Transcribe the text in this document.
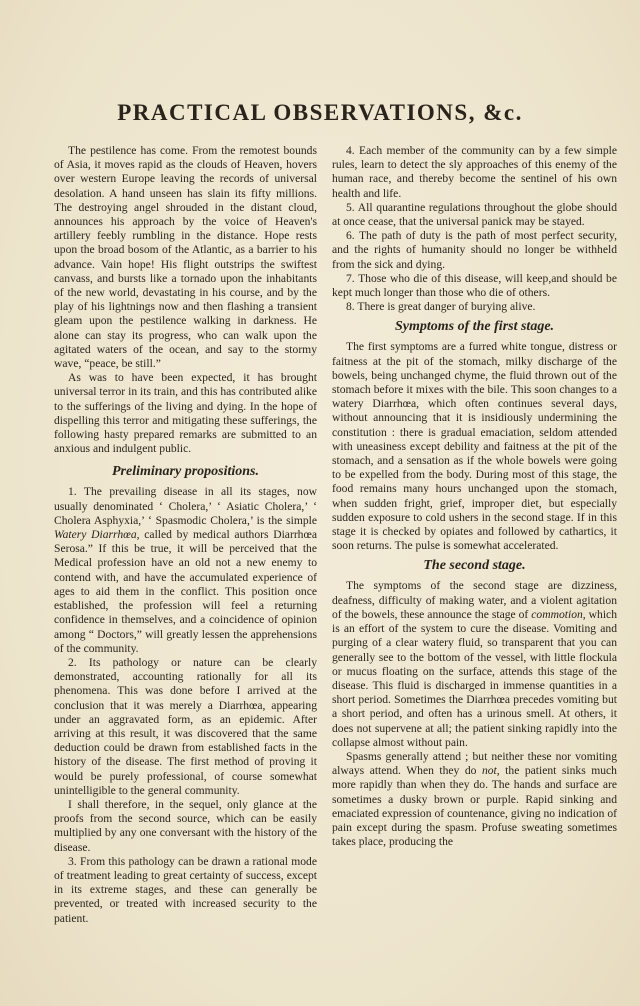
PRACTICAL OBSERVATIONS, &c.

The pestilence has come. From the remotest bounds of Asia, it moves rapid as the clouds of Heaven, hovers over western Europe leaving the records of universal desolation. A hand unseen has slain its fifty millions. The destroying angel shrouded in the distant cloud, announces his approach by the voice of Heaven's artillery feebly rumbling in the distance. Hope rests upon the broad bosom of the Atlantic, as a barrier to his advance. Vain hope! His flight outstrips the swiftest canvass, and bursts like a tornado upon the inhabitants of the new world, devastating in his course, and by the play of his lightnings now and then flashing a transient gleam upon the pestilence walking in darkness. He alone can stay its progress, who can walk upon the agitated waters of the ocean, and say to the stormy wave, “peace, be still.”

As was to have been expected, it has brought universal terror in its train, and this has contributed alike to the sufferings of the living and dying. In the hope of dispelling this terror and mitigating these sufferings, the following hasty prepared remarks are submitted to an anxious and indulgent public.

Preliminary propositions.

1. The prevailing disease in all its stages, now usually denominated ‘ Cholera,’ ‘ Asiatic Cholera,’ ‘ Cholera Asphyxia,’ ‘ Spasmodic Cholera,’ is the simple Watery Diarrhœa, called by medical authors Diarrhœa Serosa.” If this be true, it will be perceived that the Medical profession have an old not a new enemy to contend with, and have the accumulated experience of ages to aid them in the conflict. This position once established, the profession will feel a returning confidence in themselves, and a coincidence of opinion among “ Doctors,” will greatly lessen the apprehensions of the community.

2. Its pathology or nature can be clearly demonstrated, accounting rationally for all its phenomena. This was done before I arrived at the conclusion that it was merely a Diarrhœa, appearing under an aggravated form, as an epidemic. After arriving at this result, it was discovered that the same deduction could be drawn from established facts in the history of the disease. The first method of proving it would be purely professional, of course somewhat unintelligible to the general community.

I shall therefore, in the sequel, only glance at the proofs from the second source, which can be easily multiplied by any one conversant with the history of the disease.

3. From this pathology can be drawn a rational mode of treatment leading to great certainty of success, except in its extreme stages, and these can generally be prevented, or treated with increased security to the patient.

4. Each member of the community can by a few simple rules, learn to detect the sly approaches of this enemy of the human race, and thereby become the sentinel of his own health and life.

5. All quarantine regulations throughout the globe should at once cease, that the universal panick may be stayed.

6. The path of duty is the path of most perfect security, and the rights of humanity should no longer be withheld from the sick and dying.

7. Those who die of this disease, will keep,and should be kept much longer than those who die of others.

8. There is great danger of burying alive.

Symptoms of the first stage.

The first symptoms are a furred white tongue, distress or faitness at the pit of the stomach, milky discharge of the bowels, being unchanged chyme, the fluid thrown out of the stomach before it mixes with the bile. This soon changes to a watery Diarrhœa, which often continues several days, without announcing that it is insidiously undermining the constitution : there is gradual emaciation, seldom attended with uneasiness except debility and faitness at the pit of the stomach, and a sensation as if the whole bowels were going to be expelled from the body. During most of this stage, the food remains many hours unchanged upon the stomach, when sudden fright, grief, improper diet, but especially sudden exposure to cold ushers in the second stage. If in this stage it is checked by opiates and followed by cathartics, it soon returns. The pulse is somewhat accelerated.

The second stage.

The symptoms of the second stage are dizziness, deafness, difficulty of making water, and a violent agitation of the bowels, these announce the stage of commotion, which is an effort of the system to cure the disease. Vomiting and purging of a clear watery fluid, so transparent that you can generally see to the bottom of the vessel, with little flockula or mucus floating on the surface, attends this stage of the disease. This fluid is discharged in immense quantities in a short period. Sometimes the Diarrhœa precedes vomiting but a short period, and often has a urinous smell. At others, it does not supervene at all; the patient sinking rapidly into the collapse almost without pain.

Spasms generally attend ; but neither these nor vomiting always attend. When they do not, the patient sinks much more rapidly than when they do. The hands and surface are sometimes a dusky brown or purple. Rapid sinking and emaciated expression of countenance, giving no indication of pain except during the spasm. Profuse sweating sometimes takes place, producing the
